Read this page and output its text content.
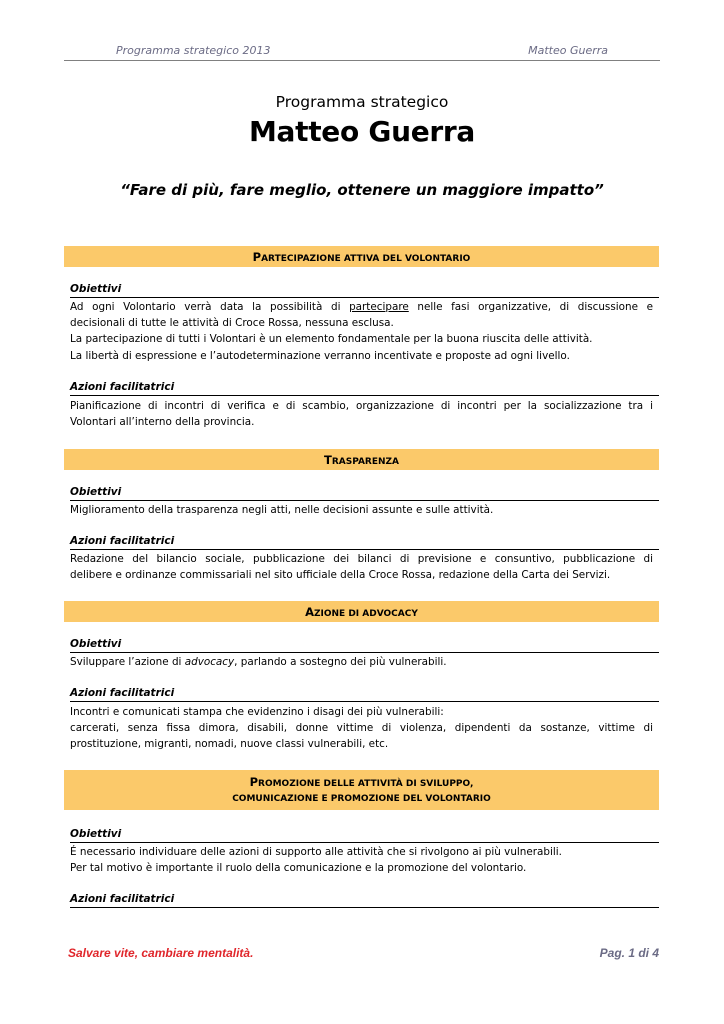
Programma strategico 2013	Matteo Guerra
Programma strategico
Matteo Guerra
“Fare di più, fare meglio, ottenere un maggiore impatto”
PARTECIPAZIONE ATTIVA DEL VOLONTARIO
Obiettivi
Ad ogni Volontario verrà data la possibilità di partecipare nelle fasi organizzative, di discussione e
decisionali di tutte le attività di Croce Rossa, nessuna esclusa.
La partecipazione di tutti i Volontari è un elemento fondamentale per la buona riuscita delle attività.
La libertà di espressione e l’autodeterminazione verranno incentivate e proposte ad ogni livello.
Azioni facilitatrici
Pianificazione di incontri di verifica e di scambio, organizzazione di incontri per la socializzazione tra i
Volontari all’interno della provincia.
TRASPARENZA
Obiettivi
Miglioramento della trasparenza negli atti, nelle decisioni assunte e sulle attività.
Azioni facilitatrici
Redazione del bilancio sociale, pubblicazione dei bilanci di previsione e consuntivo, pubblicazione di
delibere e ordinanze commissariali nel sito ufficiale della Croce Rossa, redazione della Carta dei Servizi.
AZIONE DI ADVOCACY
Obiettivi
Sviluppare l’azione di advocacy, parlando a sostegno dei più vulnerabili.
Azioni facilitatrici
Incontri e comunicati stampa che evidenzino i disagi dei più vulnerabili:
carcerati, senza fissa dimora, disabili, donne vittime di violenza, dipendenti da sostanze, vittime di
prostituzione, migranti, nomadi, nuove classi vulnerabili, etc.
PROMOZIONE DELLE ATTIVITÀ DI SVILUPPO,
COMUNICAZIONE E PROMOZIONE DEL VOLONTARIO
Obiettivi
É necessario individuare delle azioni di supporto alle attività che si rivolgono ai più vulnerabili.
Per tal motivo è importante il ruolo della comunicazione e la promozione del volontario.
Azioni facilitatrici
Salvare vite, cambiare mentalità.	Pag. 1 di 4
